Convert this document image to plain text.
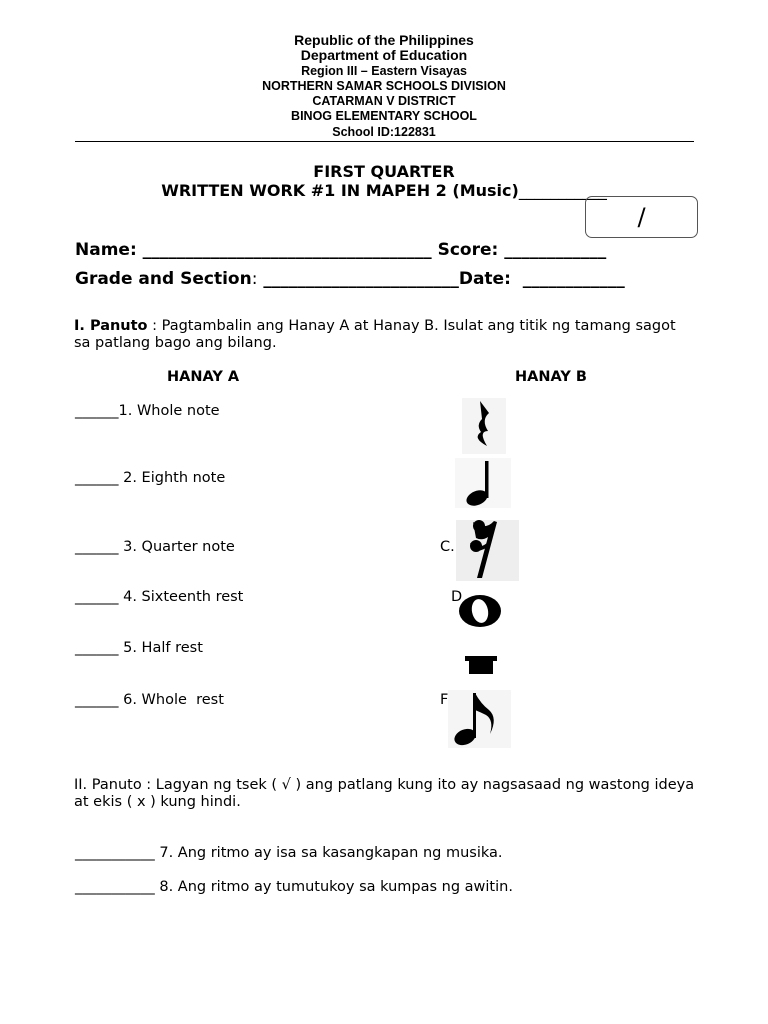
Republic of the Philippines
Department of Education
Region III – Eastern Visayas
NORTHERN SAMAR SCHOOLS DIVISION
CATARMAN V DISTRICT
BINOG ELEMENTARY SCHOOL
School ID:122831
FIRST QUARTER
WRITTEN WORK #1 IN MAPEH 2 (Music)___________
/
Name: __________________________________ Score: ____________
Grade and Section: _______________________Date:  ____________
I. Panuto : Pagtambalin ang Hanay A at Hanay B. Isulat ang titik ng tamang sagot sa patlang bago ang bilang.
HANAY A	HANAY B
______1. Whole note
______ 2. Eighth note
______ 3. Quarter note
______ 4. Sixteenth rest
______ 5. Half rest
______ 6. Whole  rest
C.
D
F
II. Panuto : Lagyan ng tsek ( √ ) ang patlang kung ito ay nagsasaad ng wastong ideya at ekis ( x ) kung hindi.
___________ 7. Ang ritmo ay isa sa kasangkapan ng musika.
___________ 8. Ang ritmo ay tumutukoy sa kumpas ng awitin.
